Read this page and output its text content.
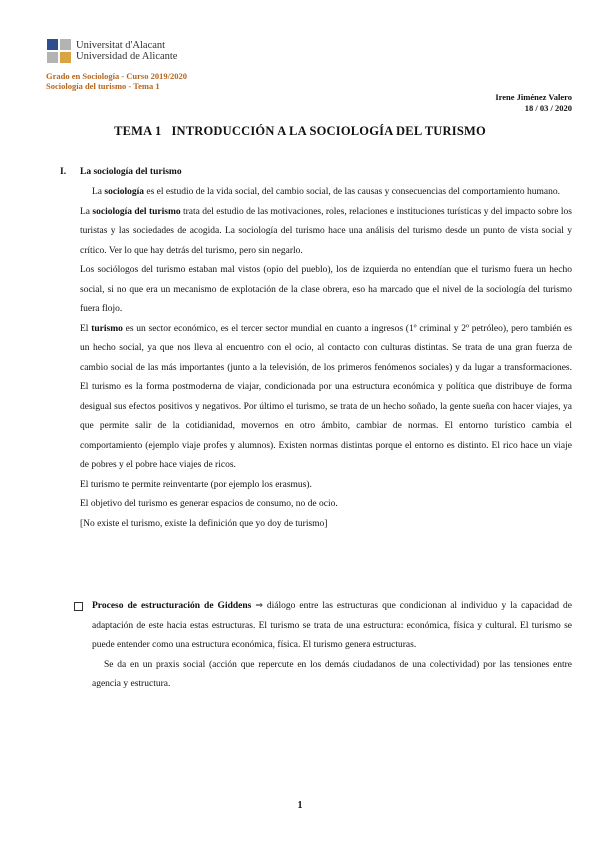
Universitat d'Alacant
Universidad de Alicante
Grado en Sociología - Curso 2019/2020
Sociología del turismo - Tema 1
Irene Jiménez Valero
18 / 03 / 2020
TEMA 1   INTRODUCCIÓN A LA SOCIOLOGÍA DEL TURISMO
I. La sociología del turismo

La sociología es el estudio de la vida social, del cambio social, de las causas y consecuencias del comportamiento humano.

La sociología del turismo trata del estudio de las motivaciones, roles, relaciones e instituciones turísticas y del impacto sobre los turistas y las sociedades de acogida. La sociología del turismo hace una análisis del turismo desde un punto de vista social y crítico. Ver lo que hay detrás del turismo, pero sin negarlo.

Los sociólogos del turismo estaban mal vistos (opio del pueblo), los de izquierda no entendían que el turismo fuera un hecho social, si no que era un mecanismo de explotación de la clase obrera, eso ha marcado que el nivel de la sociología del turismo fuera flojo.

El turismo es un sector económico, es el tercer sector mundial en cuanto a ingresos (1º criminal y 2º petróleo), pero también es un hecho social, ya que nos lleva al encuentro con el ocio, al contacto con culturas distintas. Se trata de una gran fuerza de cambio social de las más importantes (junto a la televisión, de los primeros fenómenos sociales) y da lugar a transformaciones. El turismo es la forma postmoderna de viajar, condicionada por una estructura económica y política que distribuye de forma desigual sus efectos positivos y negativos. Por último el turismo, se trata de un hecho soñado, la gente sueña con hacer viajes, ya que permite salir de la cotidianidad, movernos en otro ámbito, cambiar de normas. El entorno turístico cambia el comportamiento (ejemplo viaje profes y alumnos). Existen normas distintas porque el entorno es distinto. El rico hace un viaje de pobres y el pobre hace viajes de ricos.

El turismo te permite reinventarte (por ejemplo los erasmus).

El objetivo del turismo es generar espacios de consumo, no de ocio.

[No existe el turismo, existe la definición que yo doy de turismo]

Proceso de estructuración de Giddens ⇒ diálogo entre las estructuras que condicionan al individuo y la capacidad de adaptación de este hacia estas estructuras. El turismo se trata de una estructura: económica, física y cultural. El turismo se puede entender como una estructura económica, física. El turismo genera estructuras.

Se da en un praxis social (acción que repercute en los demás ciudadanos de una colectividad) por las tensiones entre agencia y estructura.

1
